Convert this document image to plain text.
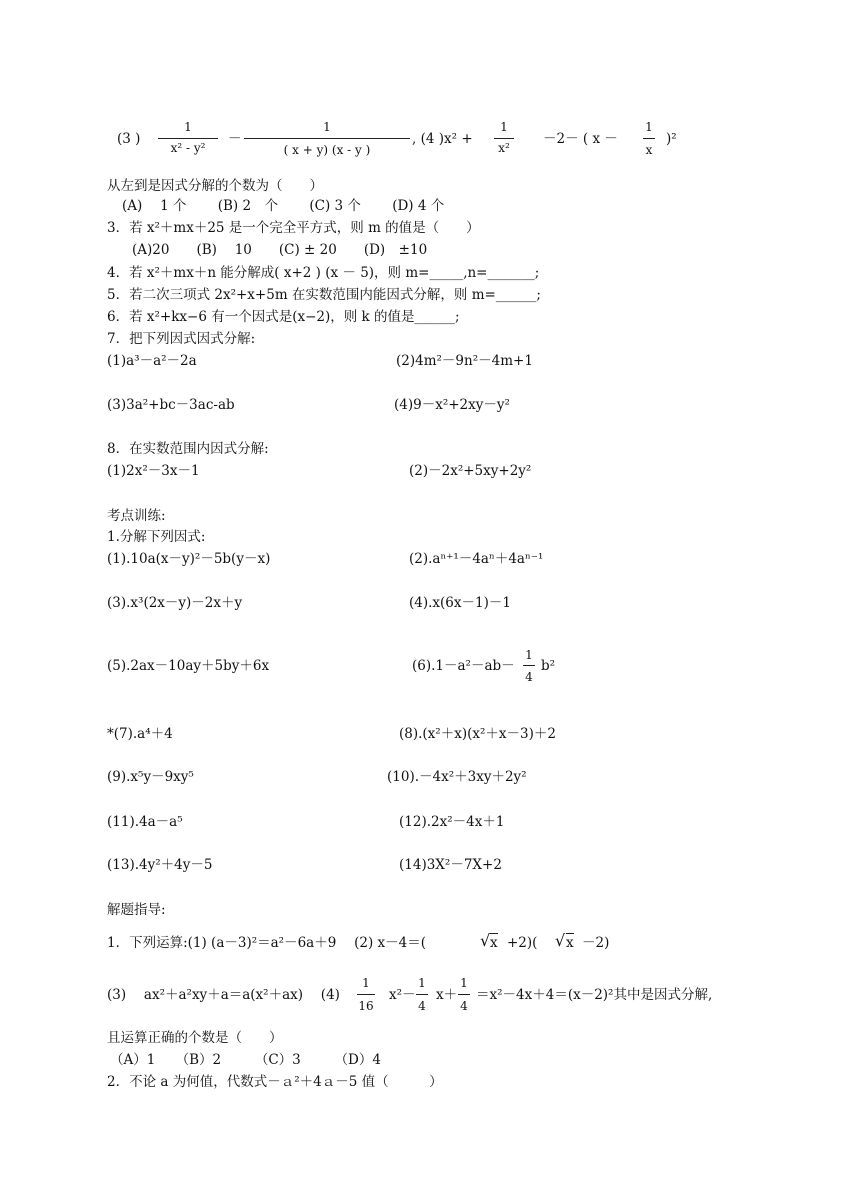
(3 )
1
x² - y²
－
1
( x + y) (x - y )
, (4 )x² +
1
x²
－2－ ( x －
1
x
)²
从左到是因式分解的个数为（　　）
(A)　 1 个　　 (B) 2　个　　 (C) 3 个　　 (D) 4 个
3．若 x²＋mx＋25 是一个完全平方式，则 m 的值是（　　）
(A)20　　(B)　 10　　(C) ± 20　　(D)　±10
4．若 x²＋mx＋n 能分解成( x+2 ) (x － 5)，则 m=_____,n=_______;
5．若二次三项式 2x²+x+5m 在实数范围内能因式分解，则 m=______;
6．若 x²+kx−6 有一个因式是(x−2)，则 k 的值是______;
7．把下列因式因式分解:
(1)a³－a²－2a	(2)4m²－9n²－4m+1
(3)3a²+bc－3ac-ab	(4)9－x²+2xy－y²
8．在实数范围内因式分解:
(1)2x²－3x－1	(2)－2x²+5xy+2y²
考点训练:
1.分解下列因式:
(1).10a(x－y)²－5b(y－x)	(2).aⁿ⁺¹－4aⁿ＋4aⁿ⁻¹
(3).x³(2x－y)－2x＋y	(4).x(6x－1)－1
(5).2ax－10ay＋5by＋6x	(6).1－a²－ab－
1
4
b²
*(7).a⁴＋4	(8).(x²＋x)(x²＋x－3)＋2
(9).x⁵y－9xy⁵	(10).－4x²＋3xy＋2y²
(11).4a－a⁵	(12).2x²－4x＋1
(13).4y²＋4y－5	(14)3X²－7X+2
解题指导:
1．下列运算:(1) (a－3)²＝a²－6a＋9　 (2) x－4＝(	√ x +2)( √ x －2)
(3)　 ax²＋a²xy＋a＝a(x²＋ax)　 (4)
1
16
x²－
1
4
x＋
1
4
＝x²－4x＋4＝(x－2)²其中是因式分解,
且运算正确的个数是（　　）
（A）1　　（B）2　　　（C）3　　　（D）4
2．不论 a 为何值，代数式－ａ²＋4ａ－5 值（　　　）
